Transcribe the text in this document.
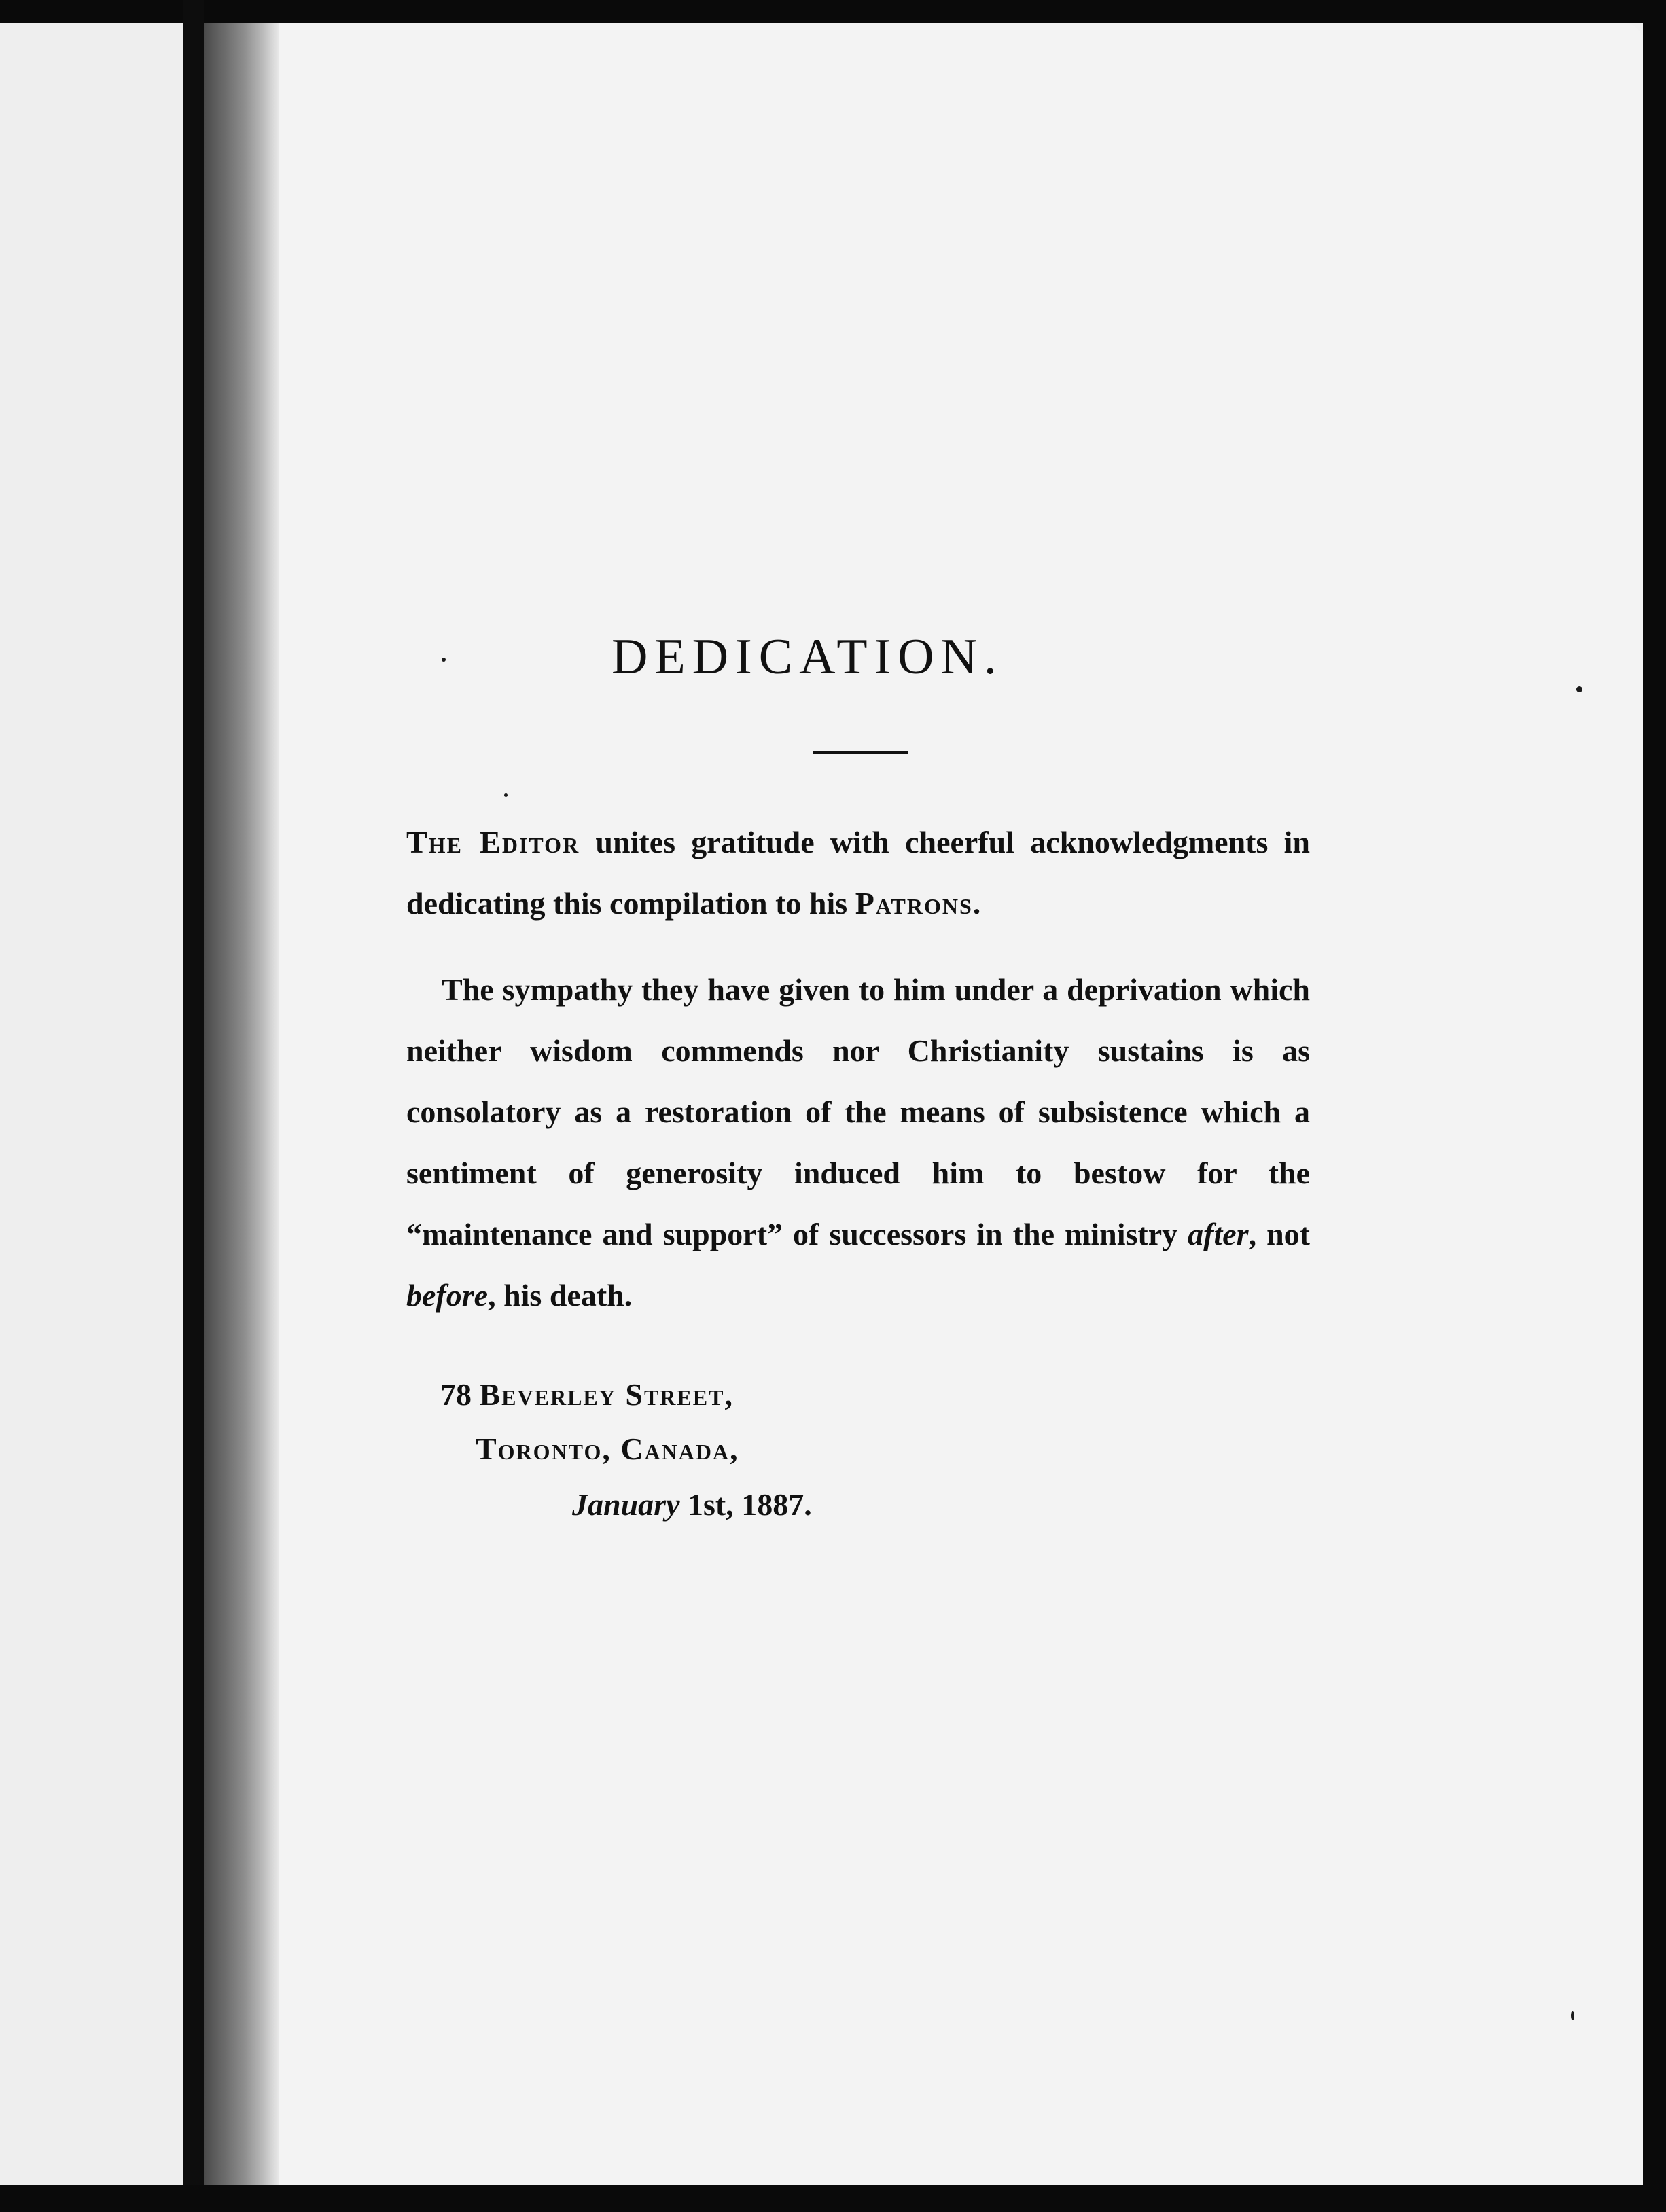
DEDICATION.

The Editor unites gratitude with cheerful acknowledgments in dedicating this compilation to his Patrons.

The sympathy they have given to him under a deprivation which neither wisdom commends nor Christianity sustains is as consolatory as a restoration of the means of subsistence which a sentiment of generosity induced him to bestow for the “maintenance and support” of successors in the ministry after, not before, his death.

78 Beverley Street,

Toronto, Canada,

January 1st, 1887.
